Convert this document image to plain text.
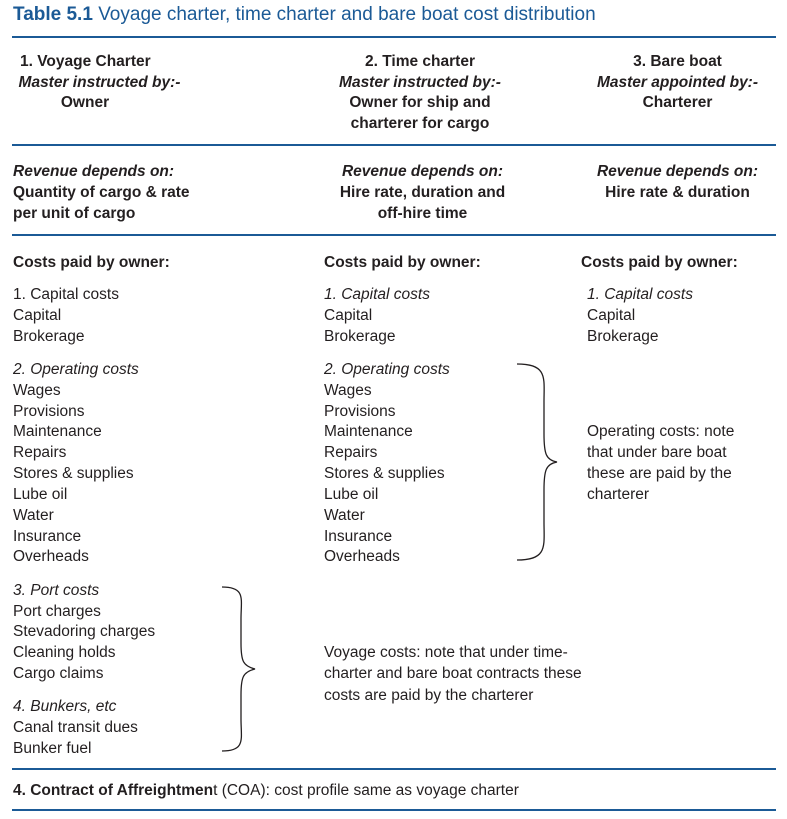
Table 5.1 Voyage charter, time charter and bare boat cost distribution
1. Voyage Charter
Master instructed by:-
Owner
2. Time charter
Master instructed by:-
Owner for ship and
charterer for cargo
3. Bare boat
Master appointed by:-
Charterer
Revenue depends on:
Quantity of cargo & rate
per unit of cargo
Revenue depends on:
Hire rate, duration and
off-hire time
Revenue depends on:
Hire rate & duration
Costs paid by owner:	Costs paid by owner:	Costs paid by owner:
1. Capital costs
Capital
Brokerage
1. Capital costs
Capital
Brokerage
1. Capital costs
Capital
Brokerage
2. Operating costs
Wages
Provisions
Maintenance
Repairs
Stores & supplies
Lube oil
Water
Insurance
Overheads
2. Operating costs
Wages
Provisions
Maintenance
Repairs
Stores & supplies
Lube oil
Water
Insurance
Overheads
Operating costs: note
that under bare boat
these are paid by the
charterer
3. Port costs
Port charges
Stevadoring charges
Cleaning holds
Cargo claims
4. Bunkers, etc
Canal transit dues
Bunker fuel
Voyage costs: note that under time-
charter and bare boat contracts these
costs are paid by the charterer
4. Contract of Affreightment (COA): cost profile same as voyage charter
